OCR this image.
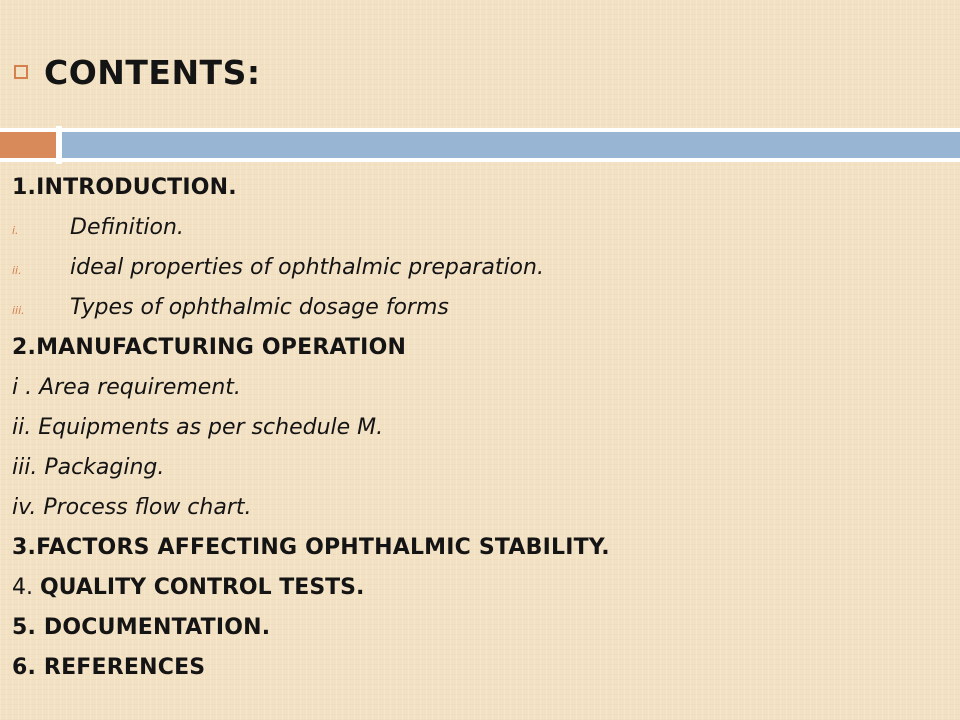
CONTENTS:
1.INTRODUCTION.
i.	Definition.
ii.	ideal properties of ophthalmic preparation.
iii.	Types of ophthalmic dosage forms
2.MANUFACTURING OPERATION
i . Area requirement.
ii. Equipments as per schedule M.
iii. Packaging.
iv. Process flow chart.
3.FACTORS AFFECTING OPHTHALMIC STABILITY.
4. QUALITY CONTROL TESTS.
5. DOCUMENTATION.
6. REFERENCES
